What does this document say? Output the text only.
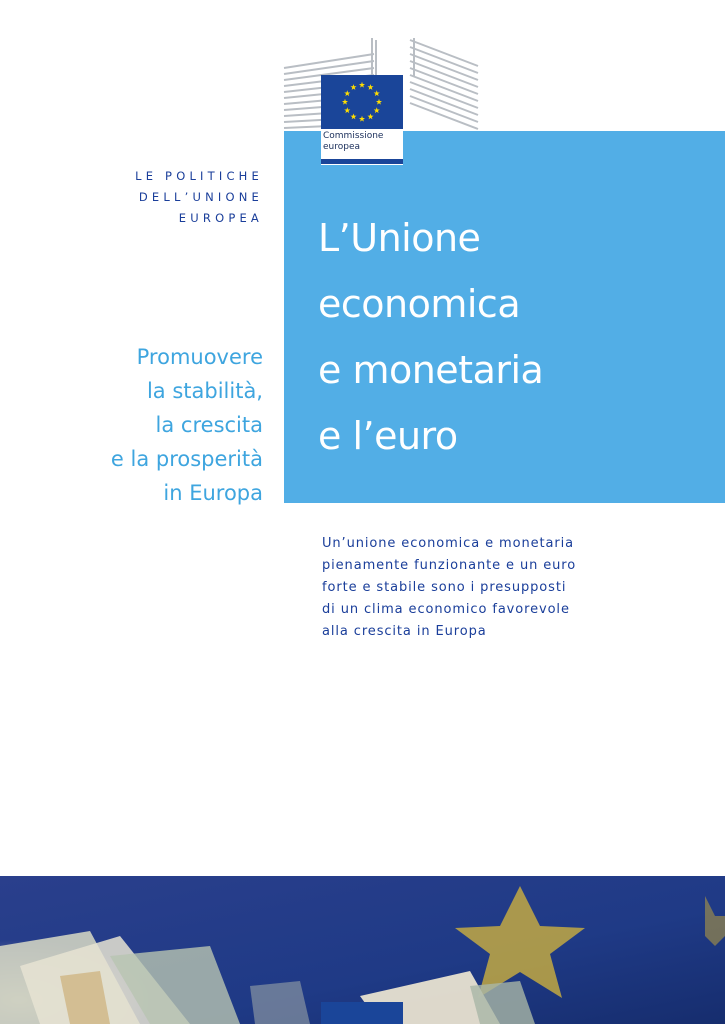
Commissione
europea
LE POLITICHE
DELL’UNIONE
EUROPEA L’Unione
economica
e monetaria
e l’euro
Promuovere
la stabilità,
la crescita
e la prosperità
in Europa
Un’unione economica e monetaria
pienamente funzionante e un euro
forte e stabile sono i presupposti
di un clima economico favorevole
alla crescita in Europa
